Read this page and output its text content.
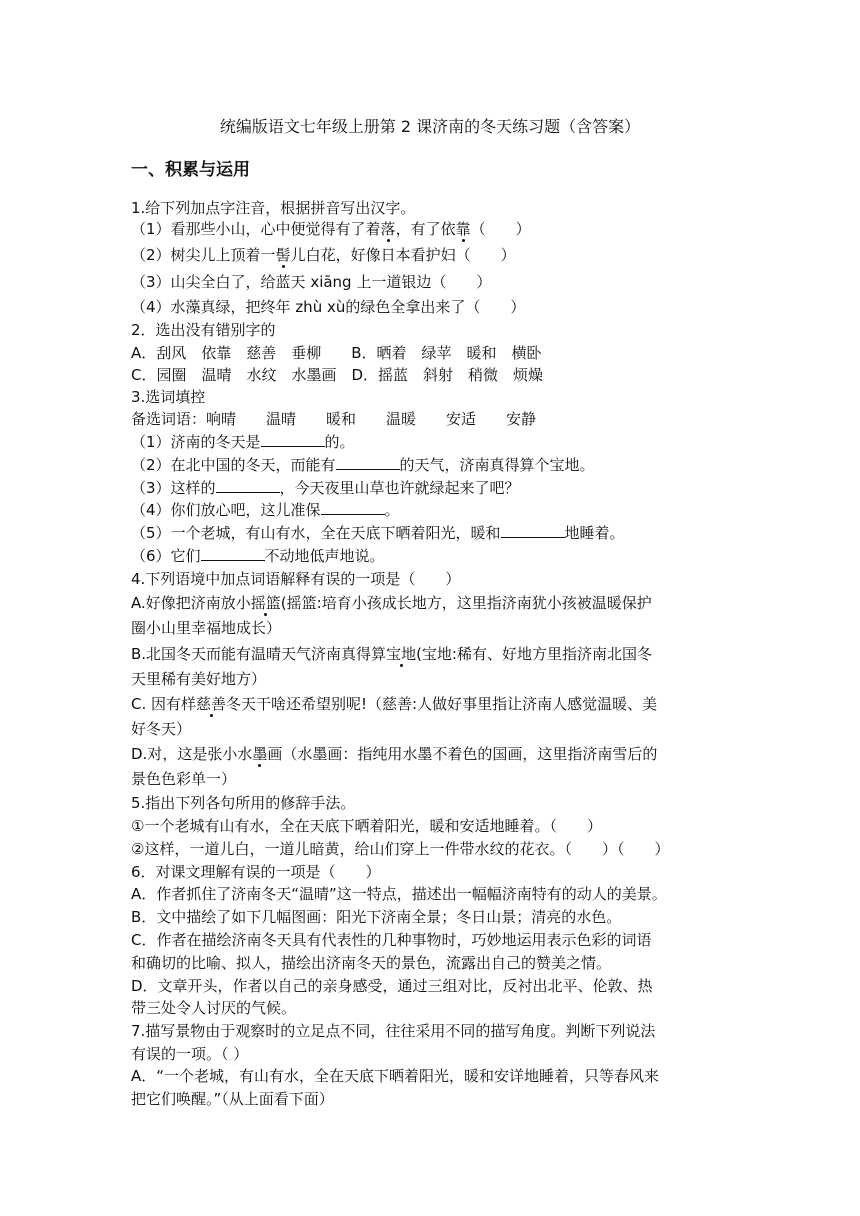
统编版语文七年级上册第 2 课济南的冬天练习题（含答案）
一、积累与运用
1.给下列加点字注音，根据拼音写出汉字。
（1）看那些小山，心中便觉得有了着落，有了依靠（　　）
（2）树尖儿上顶着一髻儿白花，好像日本看护妇（　　）
（3）山尖全白了，给蓝天 xiāng 上一道银边（　　）
（4）水藻真绿，把终年 zhù xù的绿色全拿出来了（　　）
2．选出没有错别字的
A．刮风　依靠　慈善　垂柳　　B．晒着　绿苹　暖和　横卧
C．园圈　温晴　水纹　水墨画　D．摇蓝　斜射　稍微　烦燥
3.选词填控
备选词语：响晴　　温晴　　暖和　　温暖　　安适　　安静
（1）济南的冬天是	的。
（2）在北中国的冬天，而能有	的天气，济南真得算个宝地。
（3）这样的	，今天夜里山草也许就绿起来了吧？
（4）你们放心吧，这儿准保	。
（5）一个老城，有山有水，全在天底下晒着阳光，暖和	地睡着。
（6）它们	不动地低声地说。
4.下列语境中加点词语解释有误的一项是（　　）
A.好像把济南放小摇篮(摇篮:培育小孩成长地方，这里指济南犹小孩被温暖保护
圈小山里幸福地成长）
B.北国冬天而能有温晴天气济南真得算宝地(宝地:稀有、好地方里指济南北国冬
天里稀有美好地方）
C. 因有样慈善冬天干啥还希望别呢!（慈善:人做好事里指让济南人感觉温暖、美
好冬天）
D.对，这是张小水墨画（水墨画：指纯用水墨不着色的国画，这里指济南雪后的
景色色彩单一）
5.指出下列各句所用的修辞手法。
①一个老城有山有水，全在天底下晒着阳光，暖和安适地睡着。（　　）
②这样，一道儿白，一道儿暗黄，给山们穿上一件带水纹的花衣。（　　）（　　）
6．对课文理解有误的一项是（　　）
A．作者抓住了济南冬天“温晴”这一特点，描述出一幅幅济南特有的动人的美景。
B．文中描绘了如下几幅图画：阳光下济南全景；冬日山景；清亮的水色。
C．作者在描绘济南冬天具有代表性的几种事物时，巧妙地运用表示色彩的词语
和确切的比喻、拟人，描绘出济南冬天的景色，流露出自己的赞美之情。
D．文章开头，作者以自己的亲身感受，通过三组对比，反衬出北平、伦敦、热
带三处令人讨厌的气候。
7.描写景物由于观察时的立足点不同，往往采用不同的描写角度。判断下列说法
有误的一项。（ ）
A．“一个老城，有山有水，全在天底下晒着阳光，暖和安详地睡着，只等春风来
把它们唤醒。”（从上面看下面）
